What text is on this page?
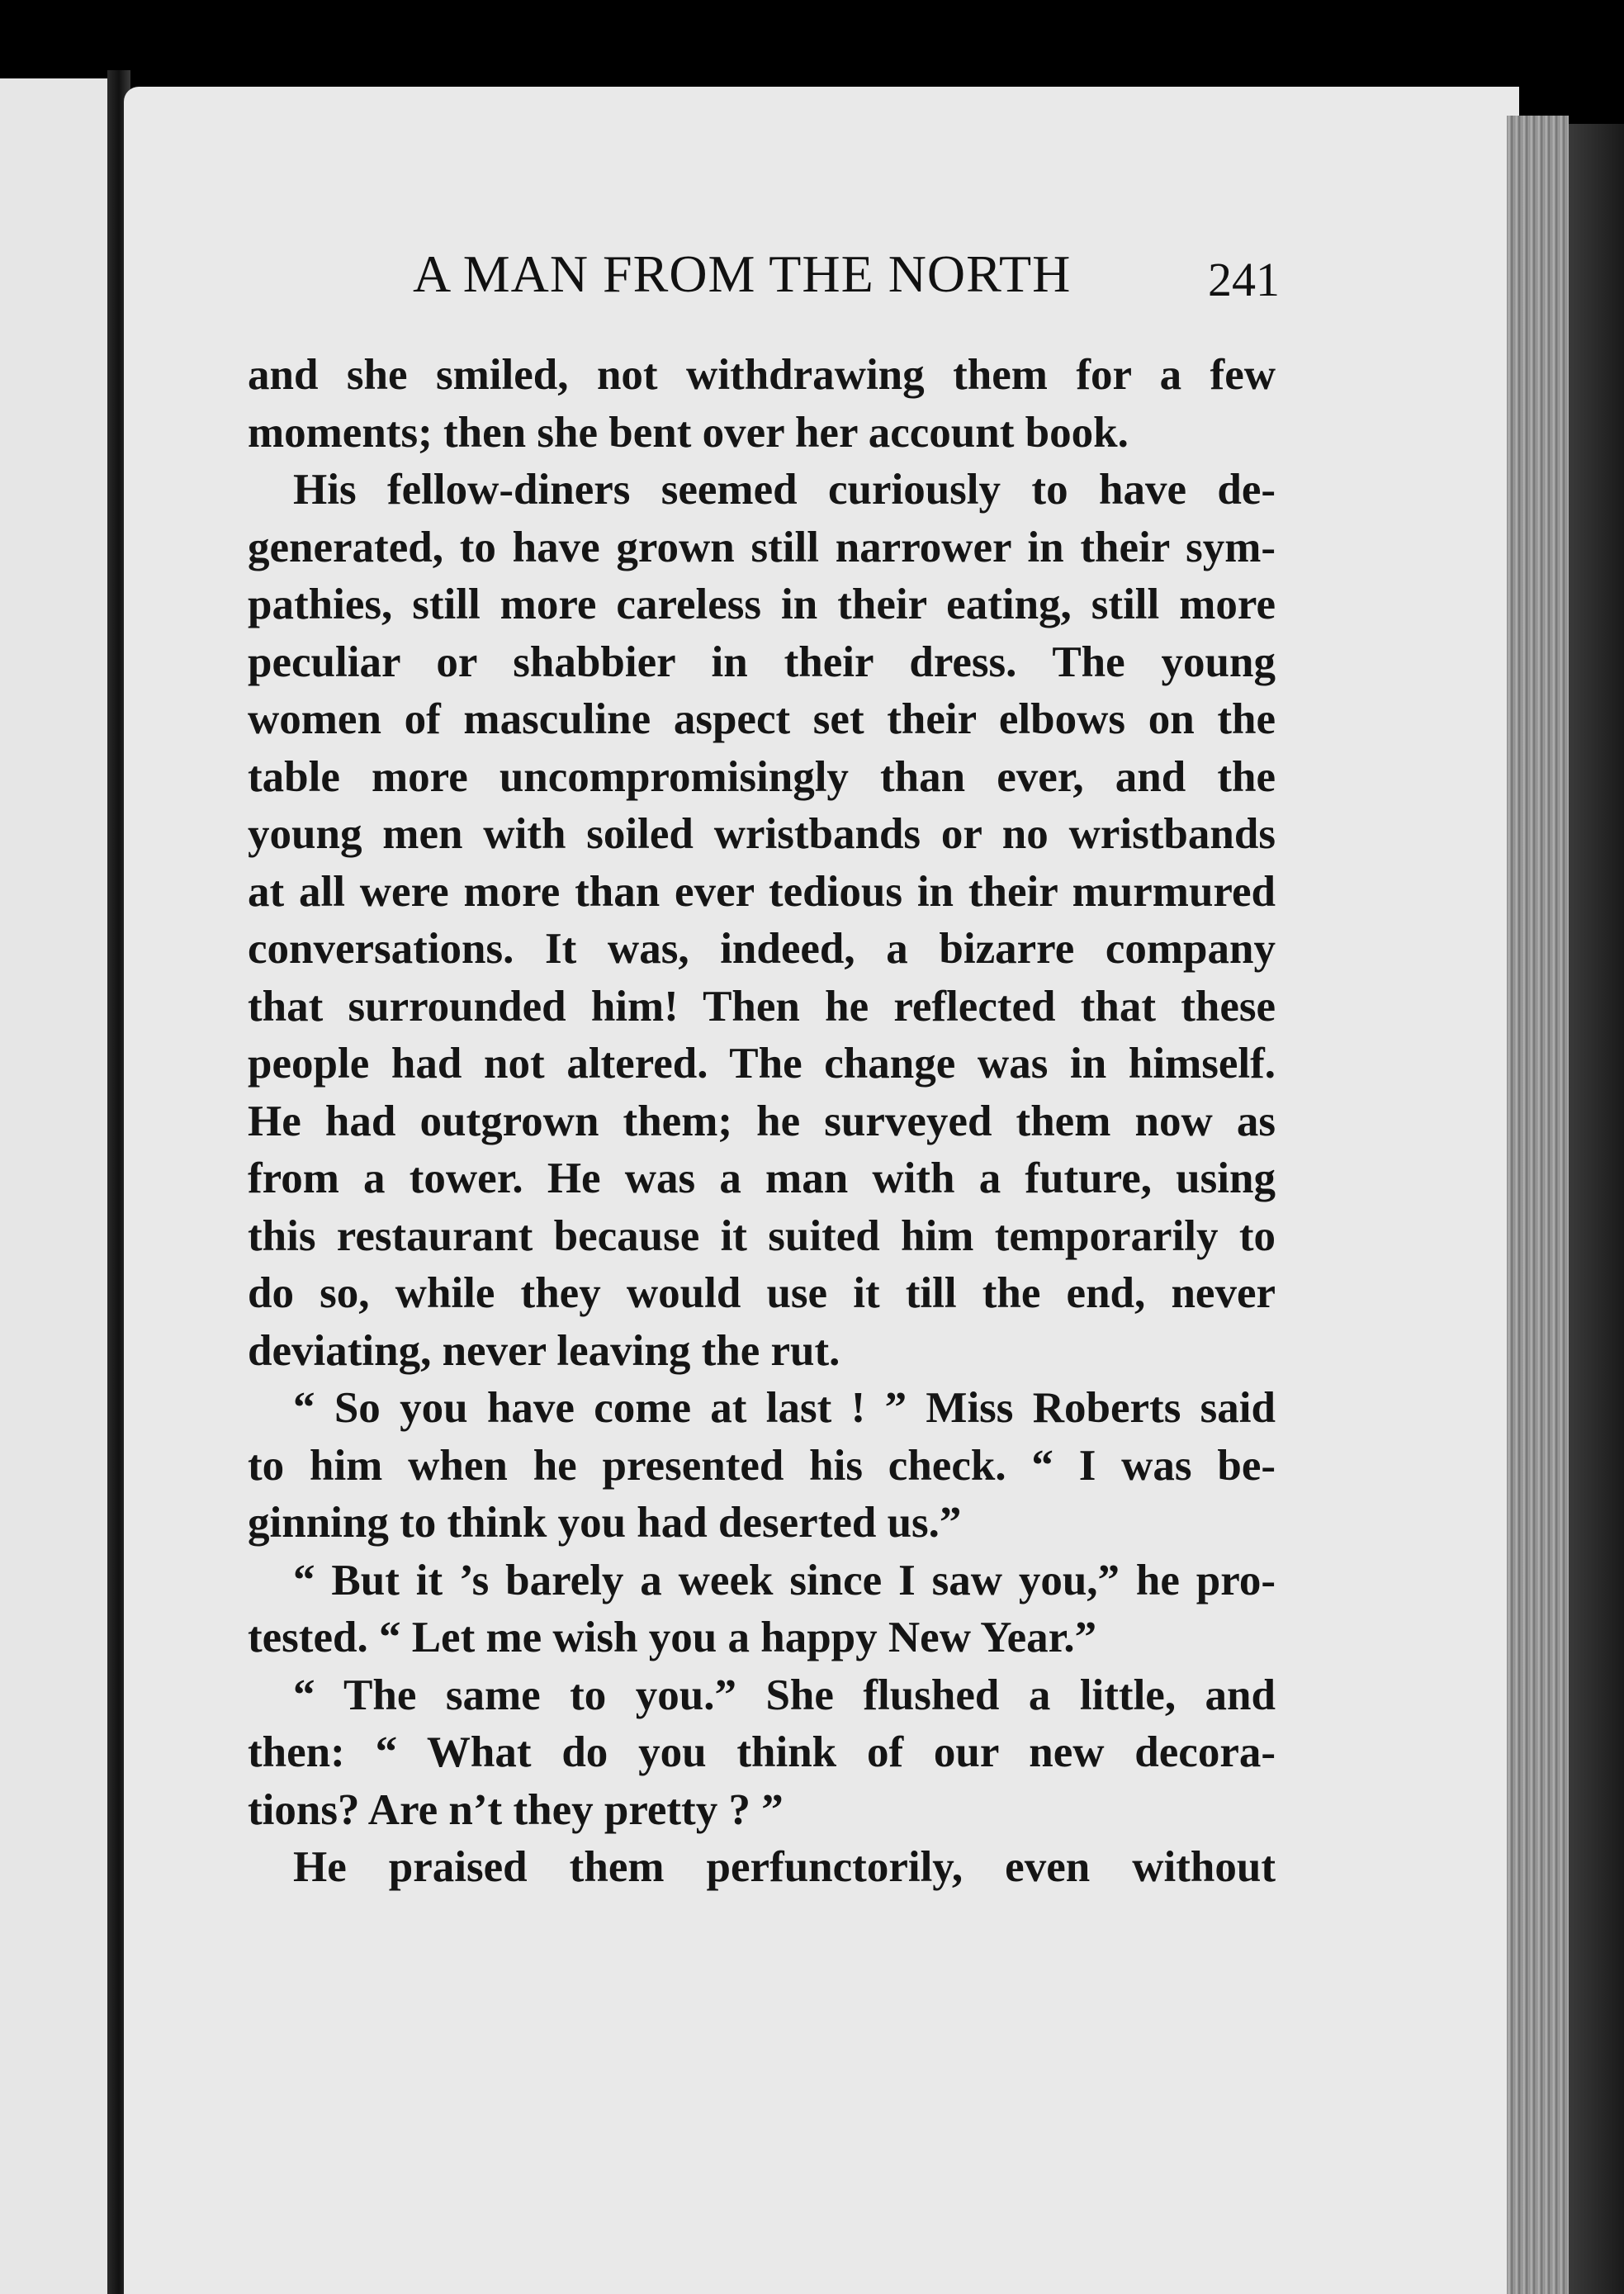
A MAN FROM THE NORTH	241
and she smiled, not withdrawing them for a few
moments; then she bent over her account book.
His fellow-diners seemed curiously to have de-
generated, to have grown still narrower in their sym-
pathies, still more careless in their eating, still more
peculiar or shabbier in their dress. The young
women of masculine aspect set their elbows on the
table more uncompromisingly than ever, and the
young men with soiled wristbands or no wristbands
at all were more than ever tedious in their murmured
conversations. It was, indeed, a bizarre company
that surrounded him! Then he reflected that these
people had not altered. The change was in himself.
He had outgrown them; he surveyed them now as
from a tower. He was a man with a future, using
this restaurant because it suited him temporarily to
do so, while they would use it till the end, never
deviating, never leaving the rut.
“ So you have come at last ! ” Miss Roberts said
to him when he presented his check. “ I was be-
ginning to think you had deserted us.”
“ But it ’s barely a week since I saw you,” he pro-
tested. “ Let me wish you a happy New Year.”
“ The same to you.” She flushed a little, and
then: “ What do you think of our new decora-
tions? Are n’t they pretty ? ”
He praised them perfunctorily, even without
